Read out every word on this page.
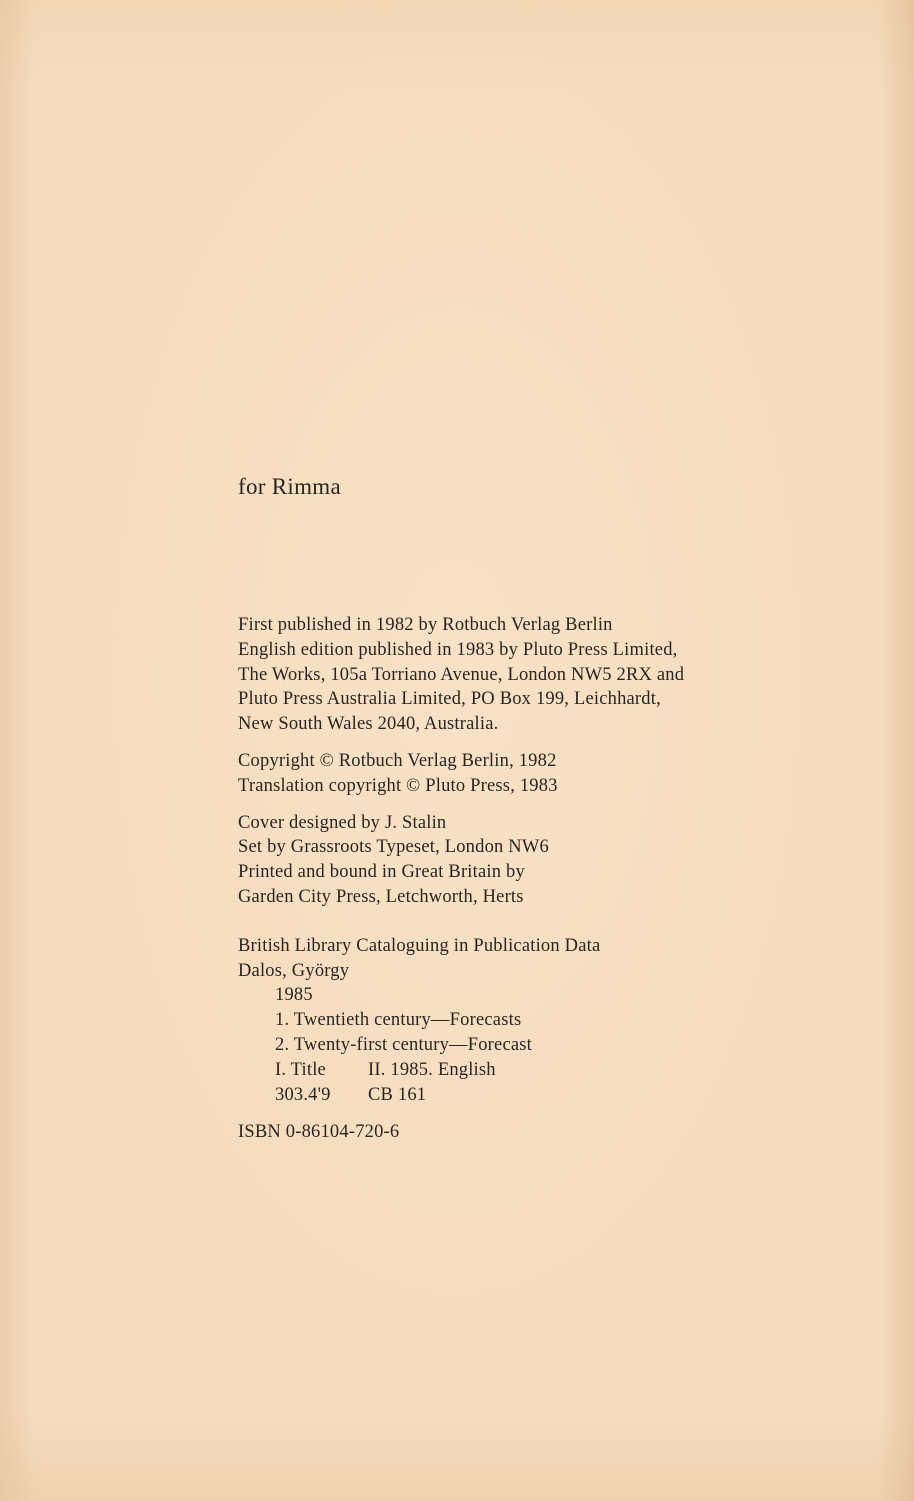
for Rimma
First published in 1982 by Rotbuch Verlag Berlin
English edition published in 1983 by Pluto Press Limited,
The Works, 105a Torriano Avenue, London NW5 2RX and
Pluto Press Australia Limited, PO Box 199, Leichhardt,
New South Wales 2040, Australia.
Copyright © Rotbuch Verlag Berlin, 1982
Translation copyright © Pluto Press, 1983
Cover designed by J. Stalin
Set by Grassroots Typeset, London NW6
Printed and bound in Great Britain by
Garden City Press, Letchworth, Herts
British Library Cataloguing in Publication Data
Dalos, György
1985
1. Twentieth century—Forecasts
2. Twenty-first century—Forecast
I. Title	II. 1985. English
303.4'9	CB 161
ISBN 0-86104-720-6
